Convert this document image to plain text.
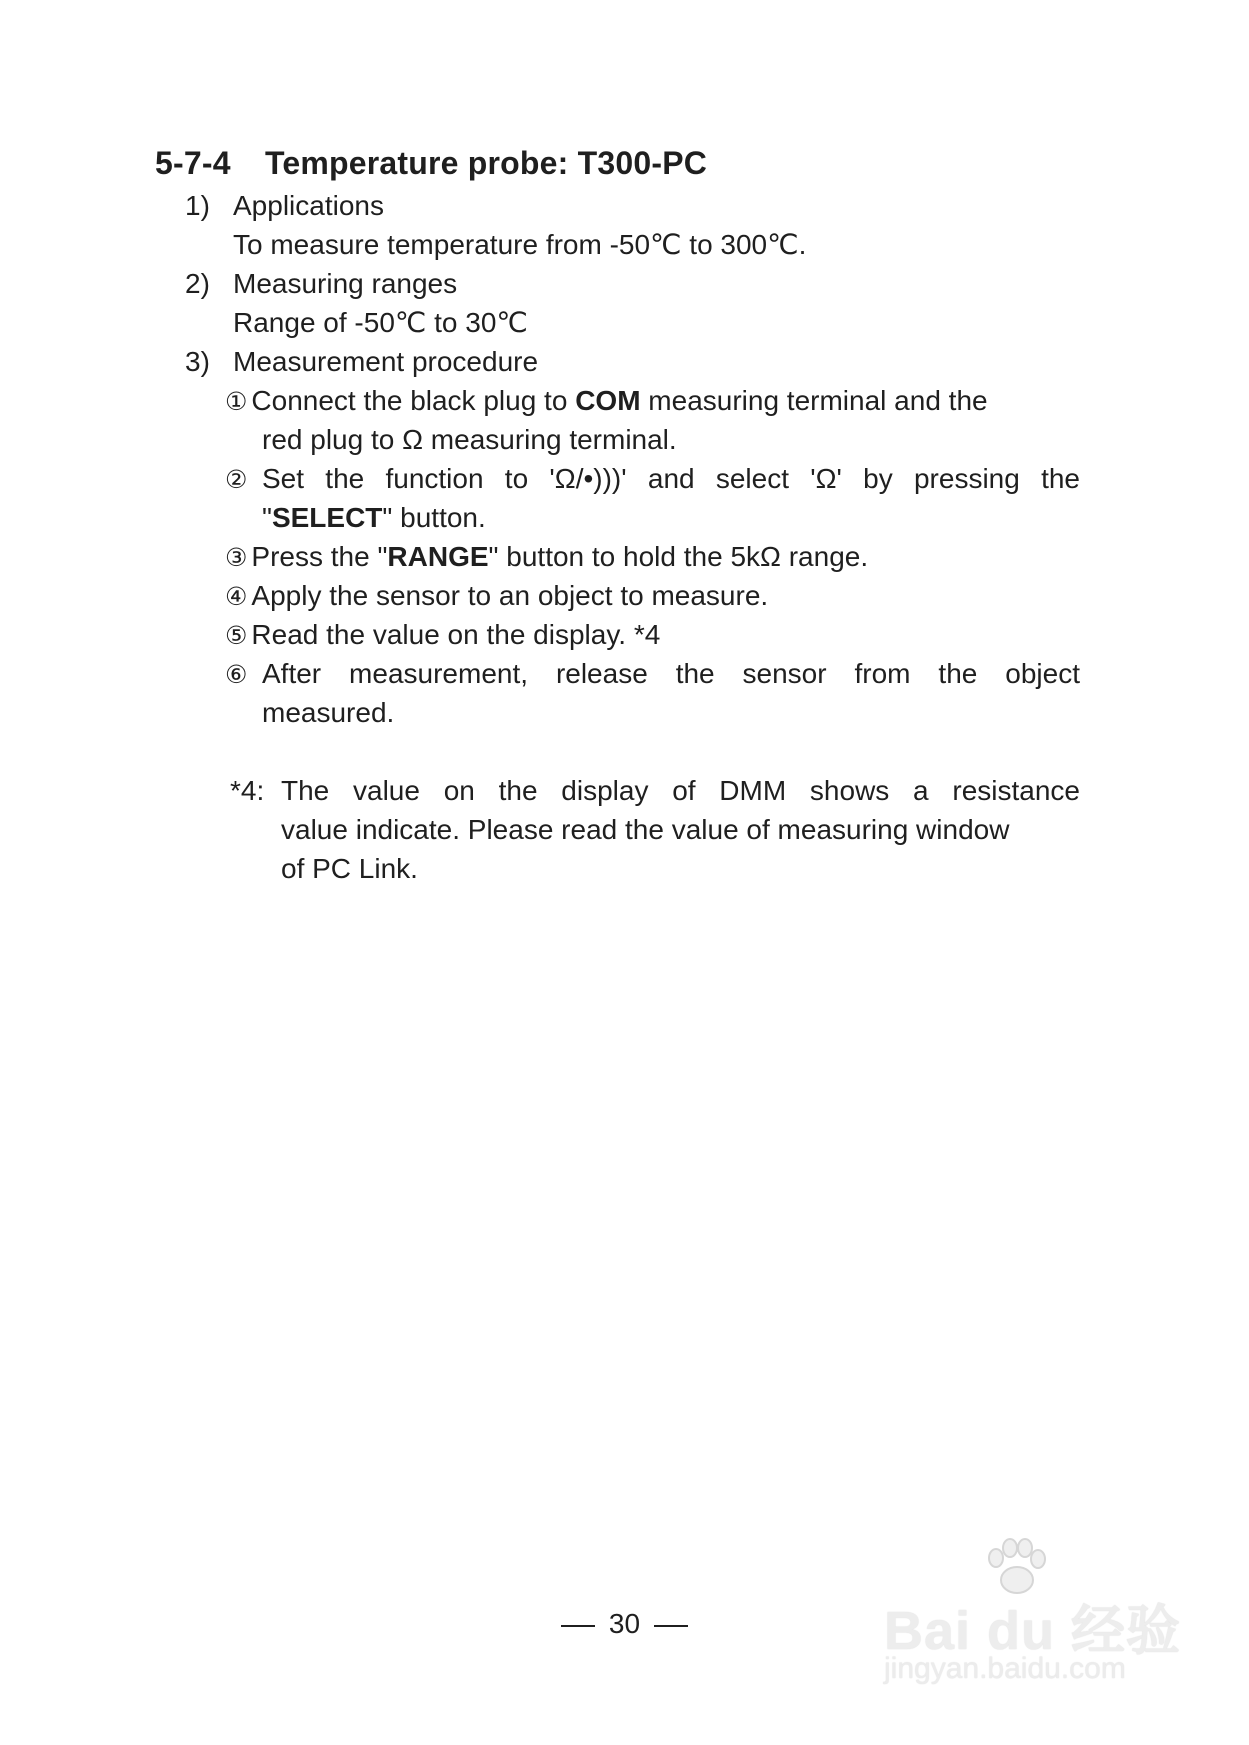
5-7-4 Temperature probe: T300-PC
1) Applications
To measure temperature from -50℃ to 300℃.
2) Measuring ranges
Range of -50℃ to 30℃
3) Measurement procedure
① Connect the black plug to COM measuring terminal and the
red plug to Ω measuring terminal.
② Set the function to 'Ω/•)))' and select 'Ω' by pressing the
"SELECT" button.
③ Press the "RANGE" button to hold the 5kΩ range.
④ Apply the sensor to an object to measure.
⑤ Read the value on the display. *4
⑥ After measurement, release the sensor from the object
measured.
*4: The value on the display of DMM shows a resistance
value indicate. Please read the value of measuring window
of PC Link.
30	Bai du 经验
jingyan.baidu.com
